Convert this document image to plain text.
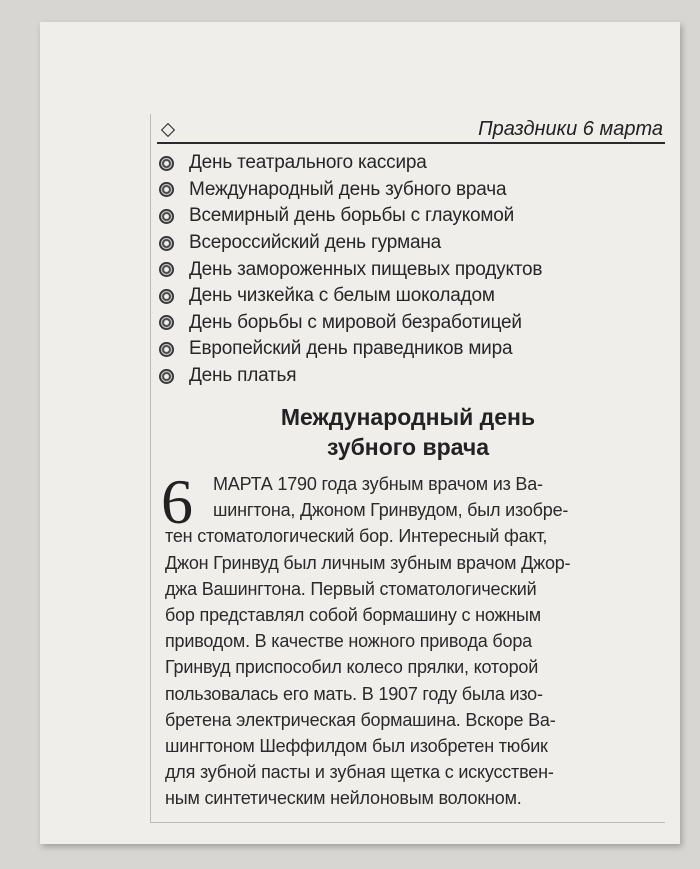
Праздники 6 марта
День театрального кассира
Международный день зубного врача
Всемирный день борьбы с глаукомой
Всероссийский день гурмана
День замороженных пищевых продуктов
День чизкейка с белым шоколадом
День борьбы с мировой безработицей
Европейский день праведников мира
День платья
Международный день
зубного врача
6	МАРТА 1790 года зубным врачом из Ва-
шингтона, Джоном Гринвудом, был изобре-
тен стоматологический бор. Интересный факт,
Джон Гринвуд был личным зубным врачом Джор-
джа Вашингтона. Первый стоматологический
бор представлял собой бормашину с ножным
приводом. В качестве ножного привода бора
Гринвуд приспособил колесо прялки, которой
пользовалась его мать. В 1907 году была изо-
бретена электрическая бормашина. Вскоре Ва-
шингтоном Шеффилдом был изобретен тюбик
для зубной пасты и зубная щетка с искусствен-
ным синтетическим нейлоновым волокном.
